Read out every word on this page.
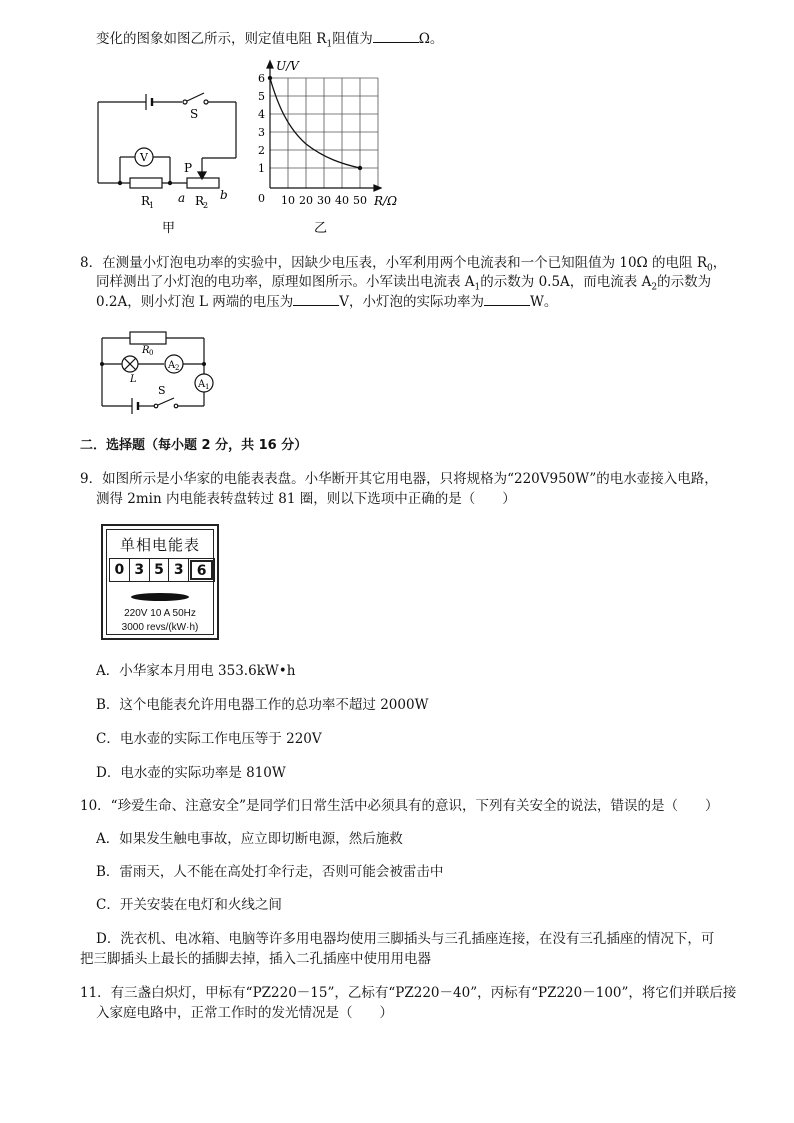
变化的图象如图乙所示，则定值电阻 $R_1$阻值为	Ω。
V
S
P
R
1	R
2
a	b
甲
U/V
6
5
4
3
2
1
0 10 20 30 40 50 R/Ω
乙
8．在测量小灯泡电功率的实验中，因缺少电压表，小军利用两个电流表和一个已知阻值为 10Ω 的电阻 $R_0$，
同样测出了小灯泡的电功率，原理如图所示。小军读出电流表 $A_1$的示数为 0.5A，而电流表 $A_2$的示数为
0.2A，则小灯泡 L 两端的电压为	V，小灯泡的实际功率为	W。
R 0
L
A 2
A 1
S
二．选择题（每小题 2 分，共 16 分）
9．如图所示是小华家的电能表表盘。小华断开其它用电器，只将规格为“220V950W”的电水壶接入电路，
测得 2min 内电能表转盘转过 81 圈，则以下选项中正确的是（　　）
单相电能表
0 3 5 3 6
220V 10 A 50Hz
3000 revs/(kW·h)
A．小华家本月用电 353.6kW•h
B．这个电能表允许用电器工作的总功率不超过 2000W
C．电水壶的实际工作电压等于 220V
D．电水壶的实际功率是 810W
10．“珍爱生命、注意安全”是同学们日常生活中必须具有的意识，下列有关安全的说法，错误的是（　　）
A．如果发生触电事故，应立即切断电源，然后施救
B．雷雨天，人不能在高处打伞行走，否则可能会被雷击中
C．开关安装在电灯和火线之间
D．洗衣机、电冰箱、电脑等许多用电器均使用三脚插头与三孔插座连接，在没有三孔插座的情况下，可
把三脚插头上最长的插脚去掉，插入二孔插座中使用用电器
11．有三盏白炽灯，甲标有“PZ220－15”，乙标有“PZ220－40”，丙标有“PZ220－100”，将它们并联后接
入家庭电路中，正常工作时的发光情况是（　　）
